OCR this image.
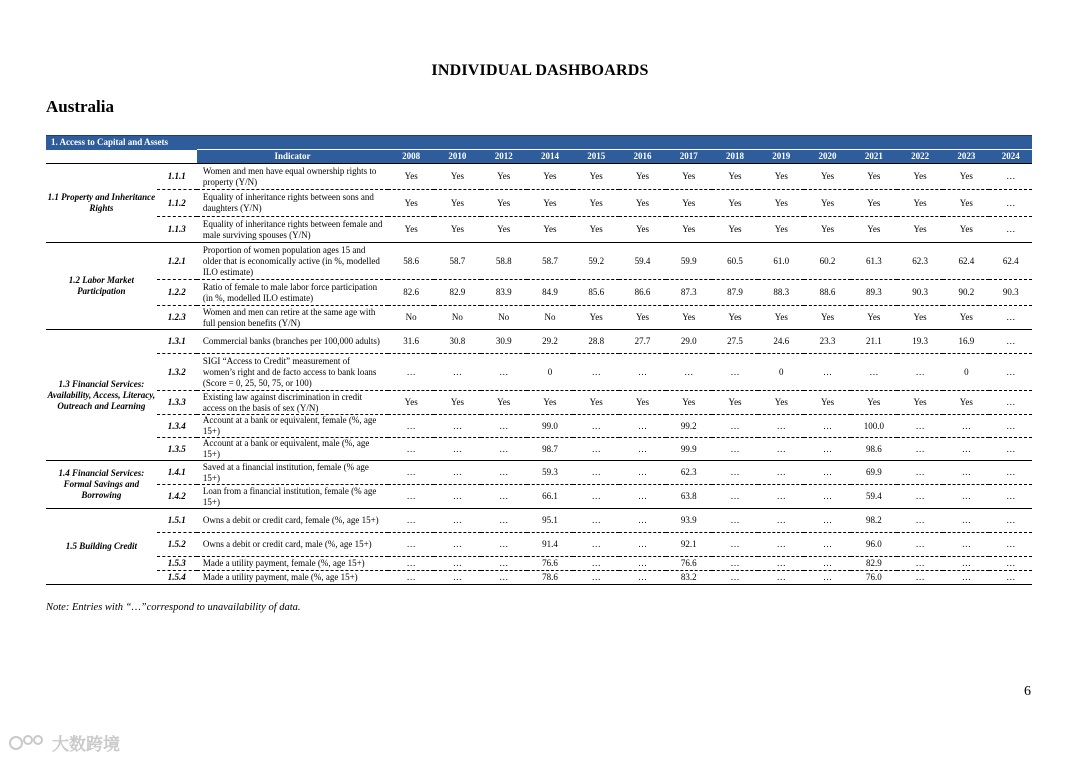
INDIVIDUAL DASHBOARDS
Australia
1. Access to Capital and Assets																
		Indicator	2008	2010	2012	2014	2015	2016	2017	2018	2019	2020	2021	2022	2023	2024
1.1 Property and Inheritance Rights	1.1.1	Women and men have equal ownership rights to property (Y/N)	Yes	Yes	Yes	Yes	Yes	Yes	Yes	Yes	Yes	Yes	Yes	Yes	Yes	…
	1.1.2	Equality of inheritance rights between sons and daughters (Y/N)	Yes	Yes	Yes	Yes	Yes	Yes	Yes	Yes	Yes	Yes	Yes	Yes	Yes	…
	1.1.3	Equality of inheritance rights between female and male surviving spouses (Y/N)	Yes	Yes	Yes	Yes	Yes	Yes	Yes	Yes	Yes	Yes	Yes	Yes	Yes	…
1.2 Labor Market Participation	1.2.1	Proportion of women population ages 15 and older that is economically active (in %, modelled ILO estimate)	58.6	58.7	58.8	58.7	59.2	59.4	59.9	60.5	61.0	60.2	61.3	62.3	62.4	62.4
	1.2.2	Ratio of female to male labor force participation (in %, modelled ILO estimate)	82.6	82.9	83.9	84.9	85.6	86.6	87.3	87.9	88.3	88.6	89.3	90.3	90.2	90.3
	1.2.3	Women and men can retire at the same age with full pension benefits (Y/N)	No	No	No	No	Yes	Yes	Yes	Yes	Yes	Yes	Yes	Yes	Yes	…
1.3 Financial Services: Availability, Access, Literacy, Outreach and Learning	1.3.1	Commercial banks (branches per 100,000 adults)	31.6	30.8	30.9	29.2	28.8	27.7	29.0	27.5	24.6	23.3	21.1	19.3	16.9	…
	1.3.2	SIGI “Access to Credit” measurement of women’s right and de facto access to bank loans (Score = 0, 25, 50, 75, or 100)	…	…	…	0	…	…	…	…	0	…	…	…	0	…
	1.3.3	Existing law against discrimination in credit access on the basis of sex (Y/N)	Yes	Yes	Yes	Yes	Yes	Yes	Yes	Yes	Yes	Yes	Yes	Yes	Yes	…
	1.3.4	Account at a bank or equivalent, female (%, age 15+)	…	…	…	99.0	…	…	99.2	…	…	…	100.0	…	…	…
	1.3.5	Account at a bank or equivalent, male (%, age 15+)	…	…	…	98.7	…	…	99.9	…	…	…	98.6	…	…	…
1.4 Financial Services: Formal Savings and Borrowing	1.4.1	Saved at a financial institution, female (% age 15+)	…	…	…	59.3	…	…	62.3	…	…	…	69.9	…	…	…
	1.4.2	Loan from a financial institution, female (% age 15+)	…	…	…	66.1	…	…	63.8	…	…	…	59.4	…	…	…
1.5 Building Credit	1.5.1	Owns a debit or credit card, female (%, age 15+)	…	…	…	95.1	…	…	93.9	…	…	…	98.2	…	…	…
	1.5.2	Owns a debit or credit card, male (%, age 15+)	…	…	…	91.4	…	…	92.1	…	…	…	96.0	…	…	…
	1.5.3	Made a utility payment, female (%, age 15+)	…	…	…	76.6	…	…	76.6	…	…	…	82.9	…	…	…
	1.5.4	Made a utility payment, male (%, age 15+)	…	…	…	78.6	…	…	83.2	…	…	…	76.0	…	…	…
Note: Entries with “…”correspond to unavailability of data.
6
大数跨境
